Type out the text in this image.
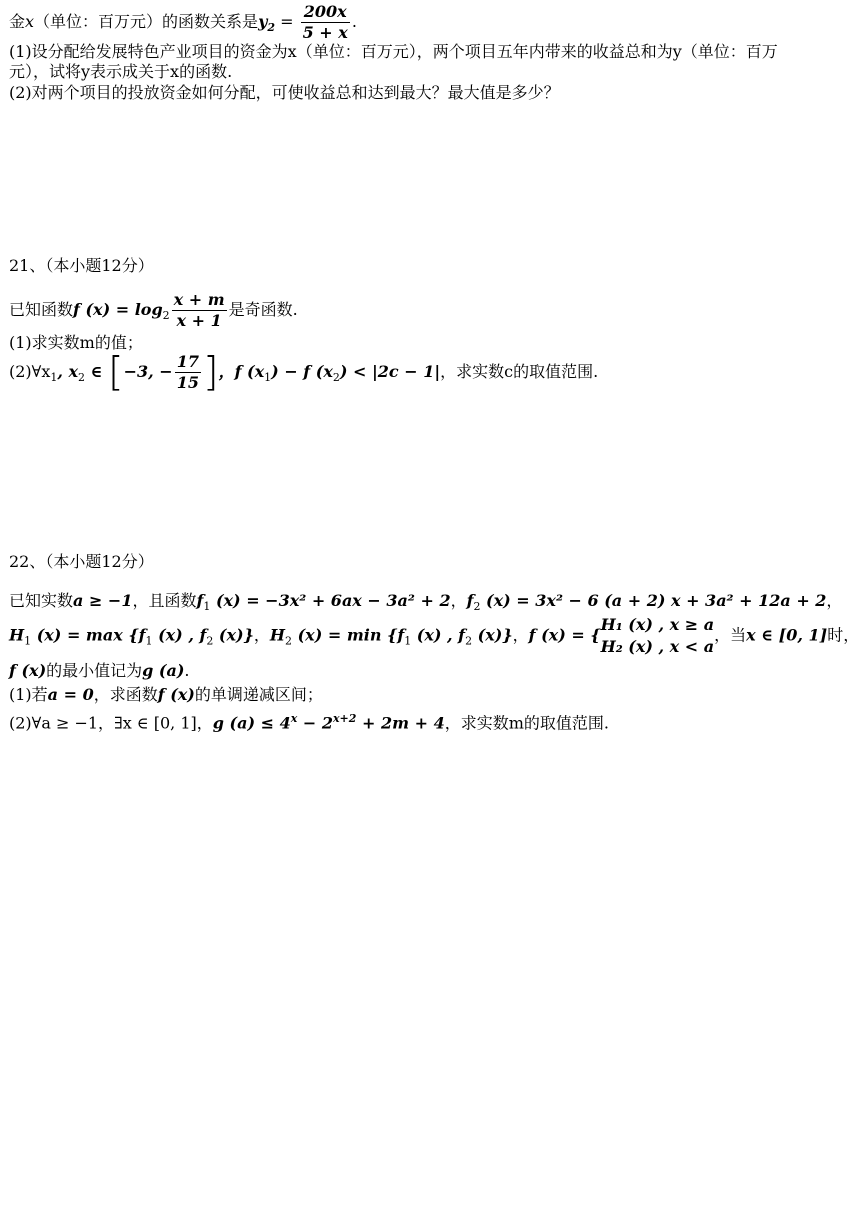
金x（单位：百万元）的函数关系是$y_2 = \frac{200x}{5 + x}$ .
(1)设分配给发展特色产业项目的资金为x（单位：百万元），两个项目五年内带来的收益总和为y（单位：百万
元），试将y表示成关于x的函数.
(2)对两个项目的投放资金如何分配，可使收益总和达到最大？最大值是多少？
21、（本小题12分）
已知函数f $(x) = \log_2 \frac{x + m}{x + 1}$ 是奇函数.
(1)求实数m的值；
$(2)\forall x_1$, $x_2$ ∈ [−3, − $\frac{17}{15}$ ]，f $(x_1) - f$ $(x_2) < |2c - 1|$，求实数c的取值范围.
22、（本小题12分）
已知实数a ≥ −1，且函数$f_1$ (x) = −3x² + 6ax − 3a² + 2，$f_2$ (x) = 3x² − 6 (a + 2) x + 3a² + 12a + 2，
$H_1$ $(x) = \max \{f_1$ (x) , $f_2$ (x)}，$H_2$ $(x) = \min \{f_1$ (x) , $f_2$ (x)}，f (x) = {
H₁ (x) , x ≥ a
H₂ (x) , x < a
，当x ∈ [0, 1]时，
f (x)的最小值记为g (a).
(1)若a = 0，求函数f (x)的单调递减区间；
(2)∀a ≥ −1，∃x ∈ [0, 1]，g $(a) \le 4^x - 2^{x+2} + 2m + 4$，求实数m的取值范围.
